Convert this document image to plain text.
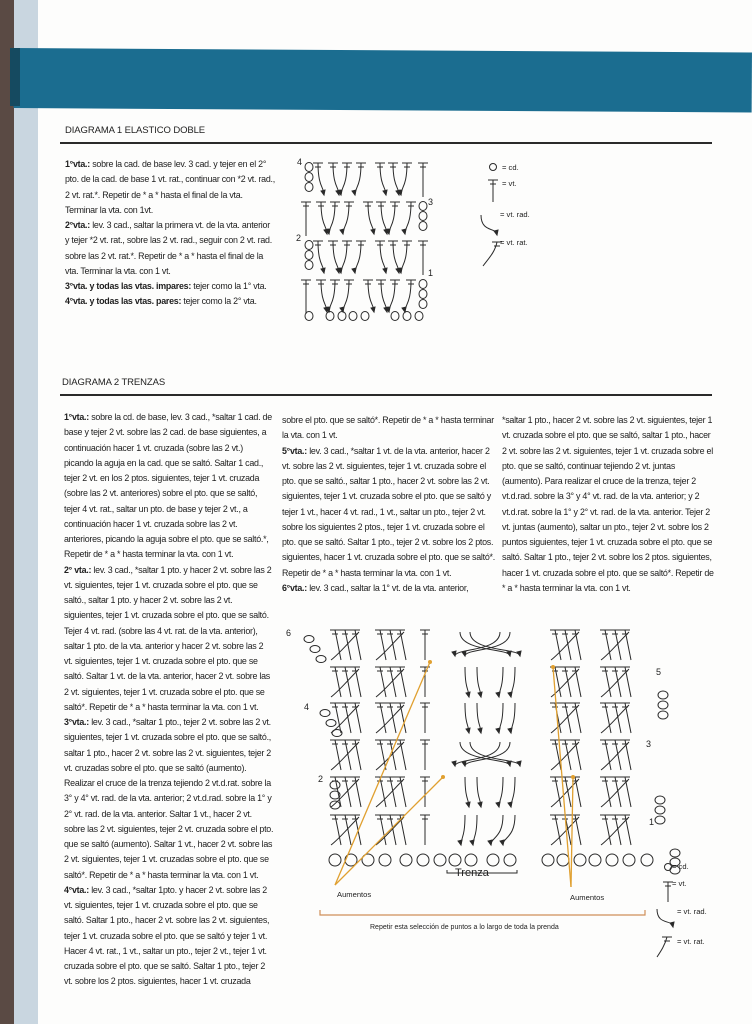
DIAGRAMA 1 ELASTICO DOBLE

1°vta.: sobre la cad. de base lev. 3 cad. y tejer en el 2° pto. de la cad. de base 1 vt. rat., continuar con *2 vt. rad., 2 vt. rat.*. Repetir de * a * hasta el final de la vta. Terminar la vta. con 1vt.

2°vta.: lev. 3 cad., saltar la primera vt. de la vta. anterior y tejer *2 vt. rat., sobre las 2 vt. rad., seguir con 2 vt. rad. sobre las 2 vt. rat.*. Repetir de * a * hasta el final de la vta. Terminar la vta. con 1 vt.

3°vta. y todas las vtas. impares: tejer como la 1° vta.

4°vta. y todas las vtas. pares: tejer como la 2° vta.

4
3
2
1
= cd.
= vt.
= vt. rad.
= vt. rat.
DIAGRAMA 2 TRENZAS

1°vta.: sobre la cd. de base, lev. 3 cad., *saltar 1 cad. de base y tejer 2 vt. sobre las 2 cad. de base siguientes, a continuación hacer 1 vt. cruzada (sobre las 2 vt.) picando la aguja en la cad. que se saltó. Saltar 1 cad., tejer 2 vt. en los 2 ptos. siguientes, tejer 1 vt. cruzada (sobre las 2 vt. anteriores) sobre el pto. que se saltó, tejer 4 vt. rat., saltar un pto. de base y tejer 2 vt., a continuación hacer 1 vt. cruzada sobre las 2 vt. anteriores, picando la aguja sobre el pto. que se saltó.*, Repetir de * a * hasta terminar la vta. con 1 vt.

2° vta.: lev. 3 cad., *saltar 1 pto. y hacer 2 vt. sobre las 2 vt. siguientes, tejer 1 vt. cruzada sobre el pto. que se saltó., saltar 1 pto. y hacer 2 vt. sobre las 2 vt. siguientes, tejer 1 vt. cruzada sobre el pto. que se saltó. Tejer 4 vt. rad. (sobre las 4 vt. rat. de la vta. anterior), saltar 1 pto. de la vta. anterior y hacer 2 vt. sobre las 2 vt. siguientes, tejer 1 vt. cruzada sobre el pto. que se saltó. Saltar 1 vt. de la vta. anterior, hacer 2 vt. sobre las 2 vt. siguientes, tejer 1 vt. cruzada sobre el pto. que se saltó*. Repetir de * a * hasta terminar la vta. con 1 vt.

3°vta.: lev. 3 cad., *saltar 1 pto., tejer 2 vt. sobre las 2 vt. siguientes, tejer 1 vt. cruzada sobre el pto. que se saltó., saltar 1 pto., hacer 2 vt. sobre las 2 vt. siguientes, tejer 2 vt. cruzadas sobre el pto. que se saltó (aumento). Realizar el cruce de la trenza tejiendo 2 vt.d.rat. sobre la 3° y 4° vt. rad. de la vta. anterior; 2 vt.d.rad. sobre la 1° y 2° vt. rad. de la vta. anterior. Saltar 1 vt., hacer 2 vt. sobre las 2 vt. siguientes, tejer 2 vt. cruzada sobre el pto. que se saltó (aumento). Saltar 1 vt., hacer 2 vt. sobre las 2 vt. siguientes, tejer 1 vt. cruzadas sobre el pto. que se saltó*. Repetir de * a * hasta terminar la vta. con 1 vt.

4°vta.: lev. 3 cad., *saltar 1pto. y hacer 2 vt. sobre las 2 vt. siguientes, tejer 1 vt. cruzada sobre el pto. que se saltó. Saltar 1 pto., hacer 2 vt. sobre las 2 vt. siguientes, tejer 1 vt. cruzada sobre el pto. que se saltó y tejer 1 vt. Hacer 4 vt. rat., 1 vt., saltar un pto., tejer 2 vt., tejer 1 vt. cruzada sobre el pto. que se saltó. Saltar 1 pto., tejer 2 vt. sobre los 2 ptos. siguientes, hacer 1 vt. cruzada

sobre el pto. que se saltó*. Repetir de * a * hasta terminar la vta. con 1 vt.

5°vta.: lev. 3 cad., *saltar 1 vt. de la vta. anterior, hacer 2 vt. sobre las 2 vt. siguientes, tejer 1 vt. cruzada sobre el pto. que se saltó., saltar 1 pto., hacer 2 vt. sobre las 2 vt. siguientes, tejer 1 vt. cruzada sobre el pto. que se saltó y tejer 1 vt., hacer 4 vt. rad., 1 vt., saltar un pto., tejer 2 vt. sobre los siguientes 2 ptos., tejer 1 vt. cruzada sobre el pto. que se saltó. Saltar 1 pto., tejer 2 vt. sobre los 2 ptos. siguientes, hacer 1 vt. cruzada sobre el pto. que se saltó*. Repetir de * a * hasta terminar la vta. con 1 vt.

6°vta.: lev. 3 cad., saltar la 1° vt. de la vta. anterior,

*saltar 1 pto., hacer 2 vt. sobre las 2 vt. siguientes, tejer 1 vt. cruzada sobre el pto. que se saltó, saltar 1 pto., hacer 2 vt. sobre las 2 vt. siguientes, tejer 1 vt. cruzada sobre el pto. que se saltó, continuar tejiendo 2 vt. juntas (aumento). Para realizar el cruce de la trenza, tejer 2 vt.d.rad. sobre la 3° y 4° vt. rad. de la vta. anterior; y 2 vt.d.rat. sobre la 1° y 2° vt. rad. de la vta. anterior. Tejer 2 vt. juntas (aumento), saltar un pto., tejer 2 vt. sobre los 2 puntos siguientes, tejer 1 vt. cruzada sobre el pto. que se saltó. Saltar 1 pto., tejer 2 vt. sobre los 2 ptos. siguientes, hacer 1 vt. cruzada sobre el pto. que se saltó*. Repetir de * a * hasta terminar la vta. con 1 vt.

6
5
4
3
2
1
Trenza
Aumentos	Aumentos
Repetir esta selección de puntos a lo largo de toda la prenda
= cd.
= vt.
= vt. rad.
= vt. rat.
